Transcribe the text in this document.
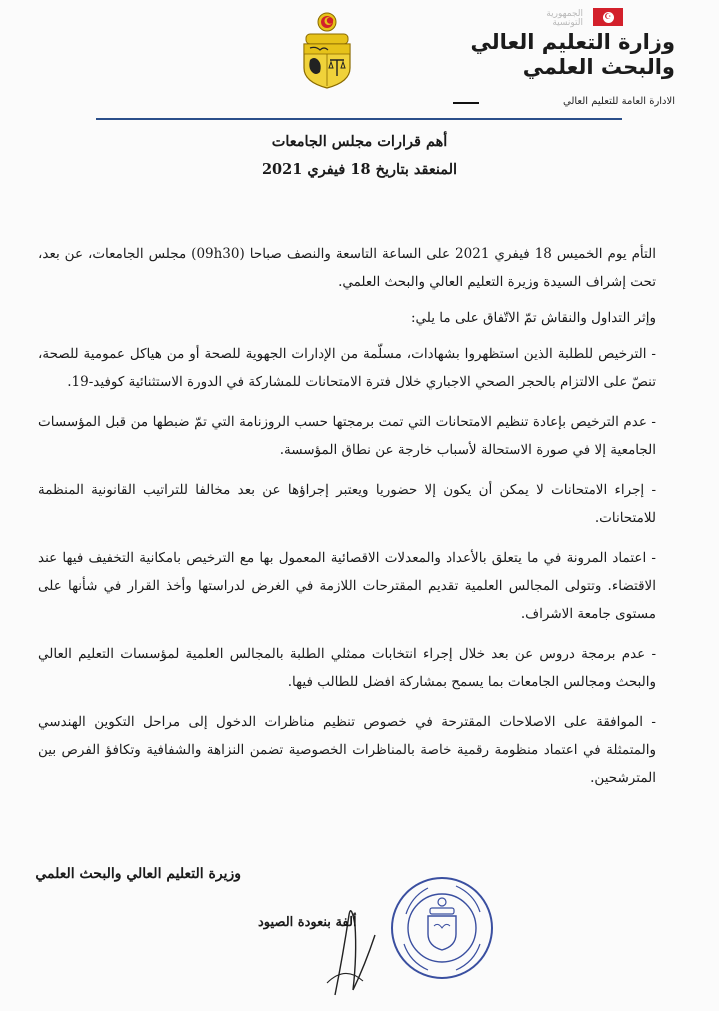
الجمهورية
التونسية
☪
وزارة التعليم العالي
والبحث العلمي
الادارة العامة للتعليم العالي
أهم قرارات مجلس الجامعات
المنعقد بتاريخ 18 فيفري 2021

التأم يوم الخميس 18 فيفري 2021 على الساعة التاسعة والنصف صباحا (09h30) مجلس الجامعات، عن بعد، تحت إشراف السيدة وزيرة التعليم العالي والبحث العلمي.

وإثر التداول والنقاش تمّ الاتّفاق على ما يلي:

- الترخيص للطلبة الذين استظهروا بشهادات، مسلّمة من الإدارات الجهوية للصحة أو من هياكل عمومية للصحة، تنصّ على الالتزام بالحجر الصحي الاجباري خلال فترة الامتحانات للمشاركة في الدورة الاستثنائية كوفيد-19.

- عدم الترخيص بإعادة تنظيم الامتحانات التي تمت برمجتها حسب الروزنامة التي تمّ ضبطها من قبل المؤسسات الجامعية إلا في صورة الاستحالة لأسباب خارجة عن نطاق المؤسسة.

- إجراء الامتحانات لا يمكن أن يكون إلا حضوريا ويعتبر إجراؤها عن بعد مخالفا للتراتيب القانونية المنظمة للامتحانات.

- اعتماد المرونة في ما يتعلق بالأعداد والمعدلات الاقصائية المعمول بها مع الترخيص بامكانية التخفيف فيها عند الاقتضاء. وتتولى المجالس العلمية تقديم المقترحات اللازمة في الغرض لدراستها وأخذ القرار في شأنها على مستوى جامعة الاشراف.

- عدم برمجة دروس عن بعد خلال إجراء انتخابات ممثلي الطلبة بالمجالس العلمية لمؤسسات التعليم العالي والبحث ومجالس الجامعات بما يسمح بمشاركة افضل للطالب فيها.

- الموافقة على الاصلاحات المقترحة في خصوص تنظيم مناظرات الدخول إلى مراحل التكوين الهندسي والمتمثلة في اعتماد منظومة رقمية خاصة بالمناظرات الخصوصية تضمن النزاهة والشفافية وتكافؤ الفرص بين المترشحين.

وزيرة التعليم العالي والبحث العلمي
ألفة بنعودة الصيود
